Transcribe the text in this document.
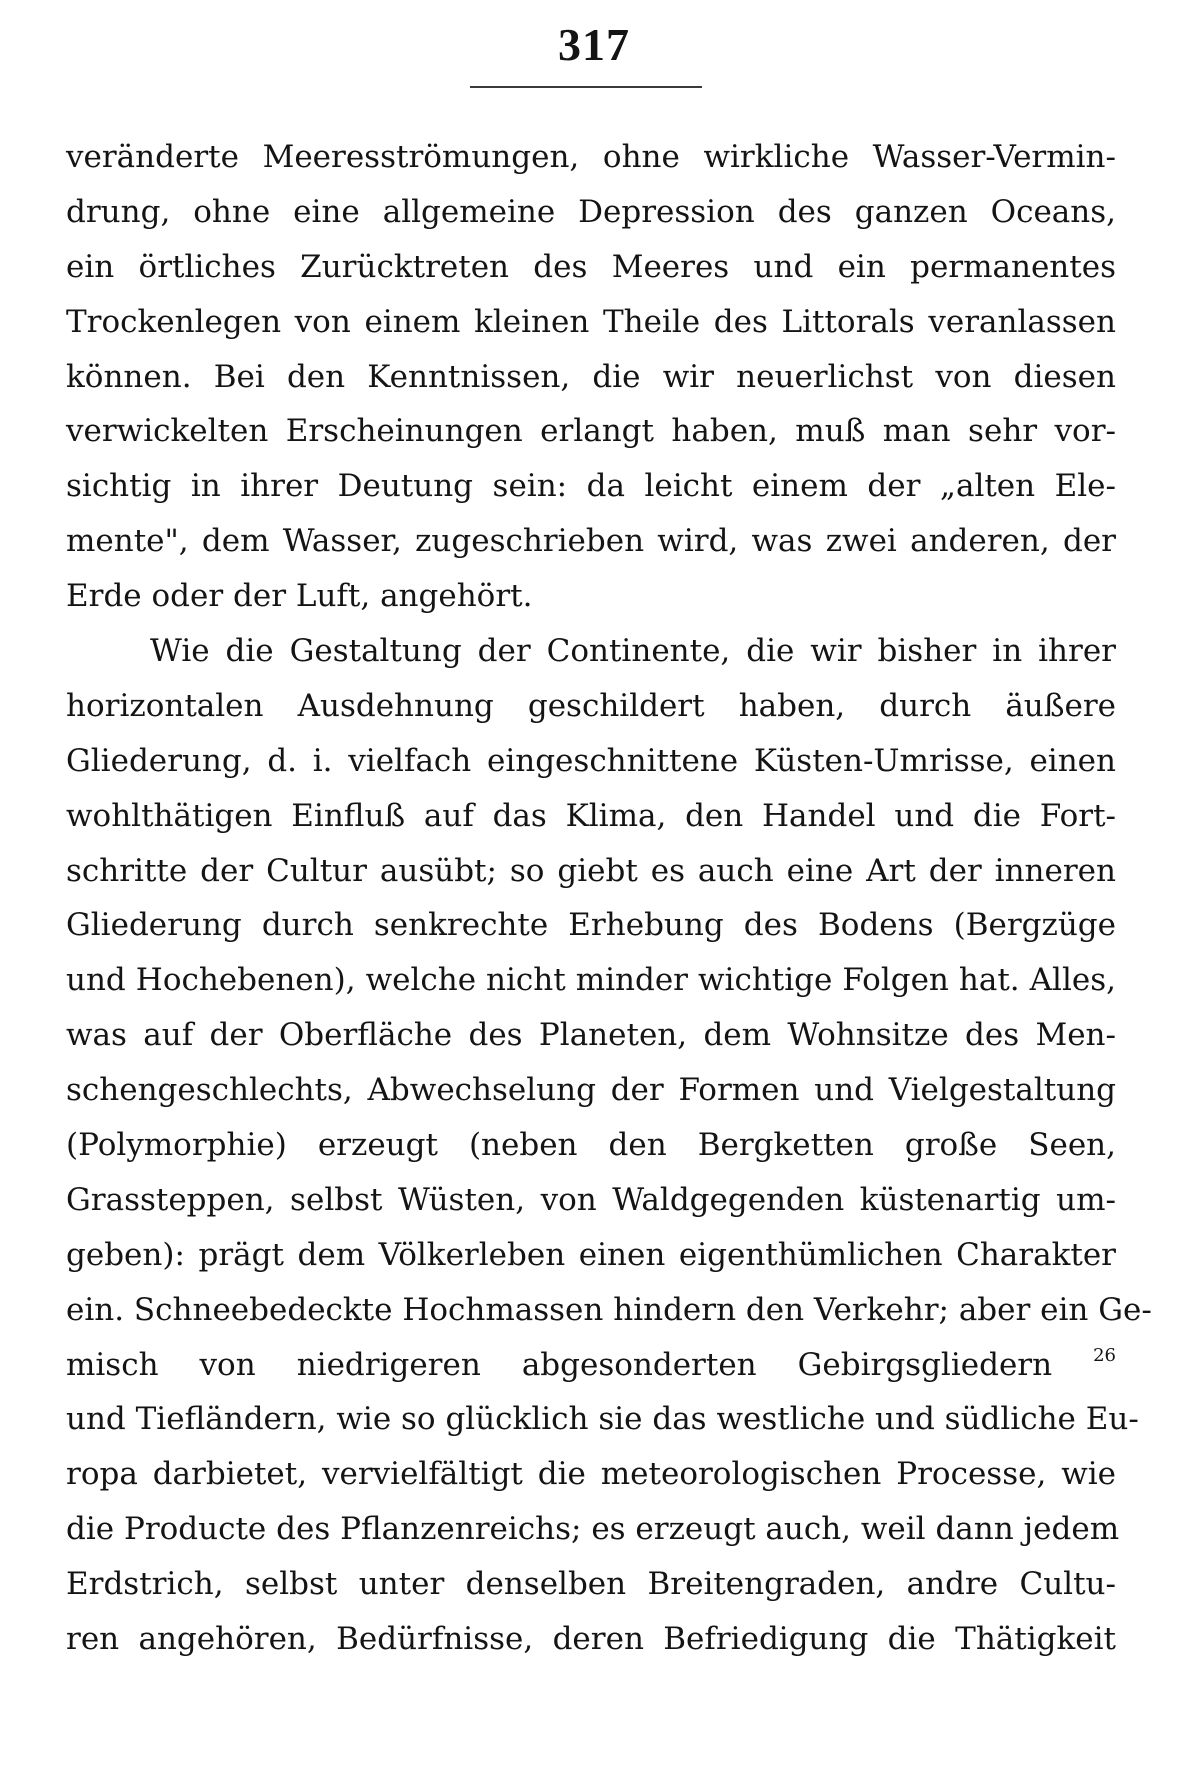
317
veränderte Meeresströmungen, ohne wirkliche Wasser-Vermin-
drung, ohne eine allgemeine Depression des ganzen Oceans,
ein örtliches Zurücktreten des Meeres und ein permanentes
Trockenlegen von einem kleinen Theile des Littorals veranlassen
können. Bei den Kenntnissen, die wir neuerlichst von diesen
verwickelten Erscheinungen erlangt haben, muß man sehr vor-
sichtig in ihrer Deutung sein: da leicht einem der „alten Ele-
mente", dem Wasser, zugeschrieben wird, was zwei anderen, der
Erde oder der Luft, angehört.
Wie die Gestaltung der Continente, die wir bisher in ihrer
horizontalen Ausdehnung geschildert haben, durch äußere
Gliederung, d. i. vielfach eingeschnittene Küsten-Umrisse, einen
wohlthätigen Einfluß auf das Klima, den Handel und die Fort-
schritte der Cultur ausübt; so giebt es auch eine Art der inneren
Gliederung durch senkrechte Erhebung des Bodens (Bergzüge
und Hochebenen), welche nicht minder wichtige Folgen hat. Alles,
was auf der Oberfläche des Planeten, dem Wohnsitze des Men-
schengeschlechts, Abwechselung der Formen und Vielgestaltung
(Polymorphie) erzeugt (neben den Bergketten große Seen,
Grassteppen, selbst Wüsten, von Waldgegenden küstenartig um-
geben): prägt dem Völkerleben einen eigenthümlichen Charakter
ein. Schneebedeckte Hochmassen hindern den Verkehr; aber ein Ge-
misch von niedrigeren abgesonderten Gebirgsgliedern $^{26}$
und Tiefländern, wie so glücklich sie das westliche und südliche Eu-
ropa darbietet, vervielfältigt die meteorologischen Processe, wie
die Producte des Pflanzenreichs; es erzeugt auch, weil dann jedem
Erdstrich, selbst unter denselben Breitengraden, andre Cultu-
ren angehören, Bedürfnisse, deren Befriedigung die Thätigkeit
